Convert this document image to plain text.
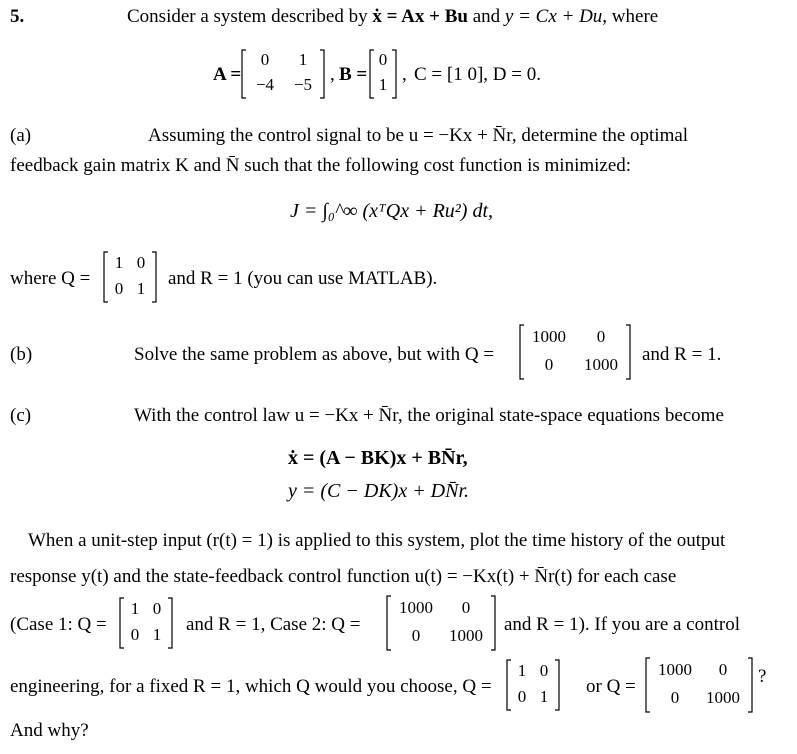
5.	Consider a system described by ẋ = Ax + Bu and y = Cx + Du, where
A =
0	1
−4	−5 , B =
0
1 , C = [1 0], D = 0.
(a)	Assuming the control signal to be u = −Kx + N̄r, determine the optimal
feedback gain matrix K and N̄ such that the following cost function is minimized:
J = ∫₀^∞ (xᵀQx + Ru²) dt,
where Q =
1 0
0 1 and R = 1 (you can use MATLAB).
(b)	Solve the same problem as above, but with Q =
1000	0
0	1000	and R = 1.
(c)	With the control law u = −Kx + N̄r, the original state-space equations become
ẋ = (A − BK)x + BN̄r,
y = (C − DK)x + DN̄r.
When a unit-step input (r(t) = 1) is applied to this system, plot the time history of the output
response y(t) and the state-feedback control function u(t) = −Kx(t) + N̄r(t) for each case
(Case 1: Q =
1 0
0 1 and R = 1, Case 2: Q =
1000	0
0	1000
and R = 1). If you are a control
engineering, for a fixed R = 1, which Q would you choose, Q =
1 0
0 1 or Q =
1000	0
0	1000
?
And why?
